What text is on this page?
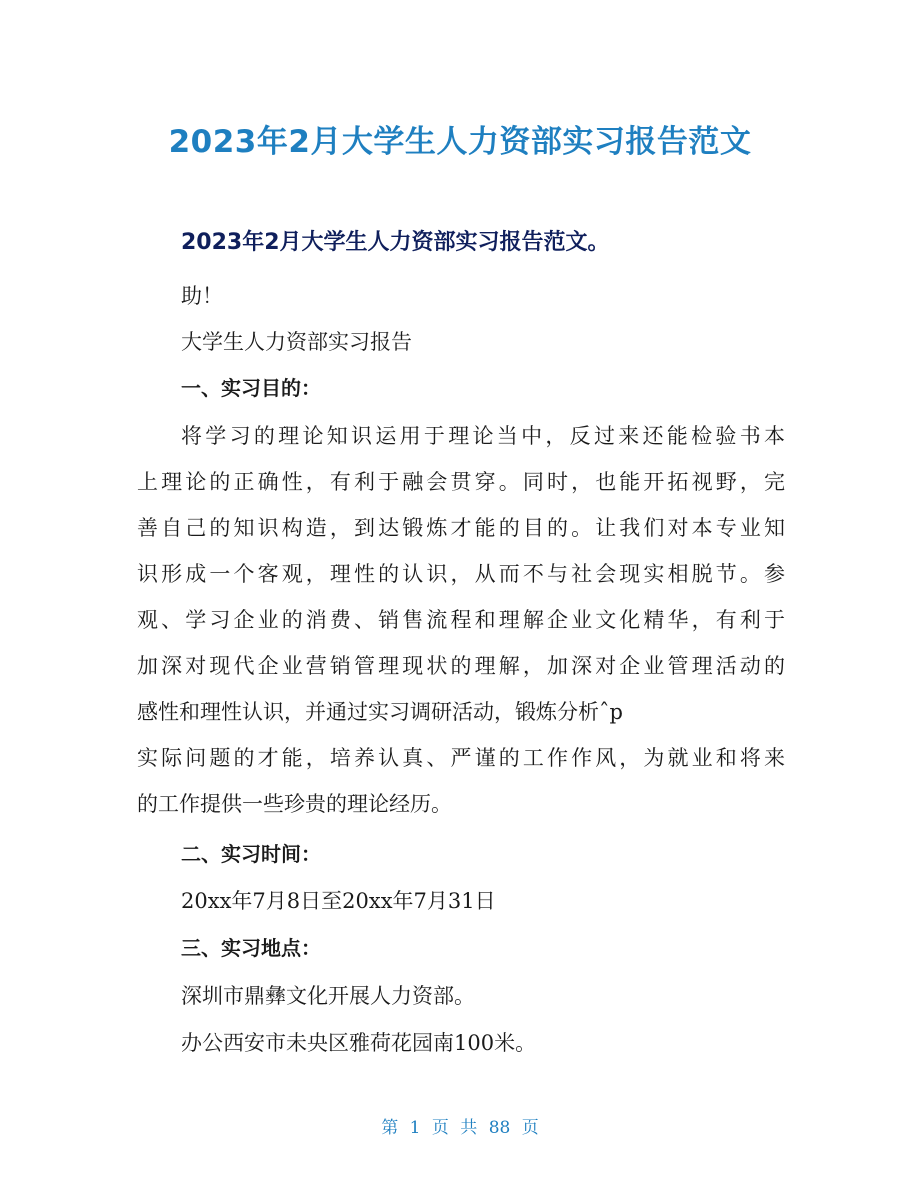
2023年2月大学生人力资部实习报告范文
2023年2月大学生人力资部实习报告范文。

助！

大学生人力资部实习报告

一、实习目的：

将学习的理论知识运用于理论当中，反过来还能检验书本

上理论的正确性，有利于融会贯穿。同时，也能开拓视野，完

善自己的知识构造，到达锻炼才能的目的。让我们对本专业知

识形成一个客观，理性的认识，从而不与社会现实相脱节。参

观、学习企业的消费、销售流程和理解企业文化精华，有利于

加深对现代企业营销管理现状的理解，加深对企业管理活动的

感性和理性认识，并通过实习调研活动，锻炼分析ˆp

实际问题的才能，培养认真、严谨的工作作风，为就业和将来

的工作提供一些珍贵的理论经历。

二、实习时间：

20xx年7月8日至20xx年7月31日

三、实习地点：

深圳市鼎彝文化开展人力资部。

办公西安市未央区雅荷花园南100米。

第 1 页 共 88 页
